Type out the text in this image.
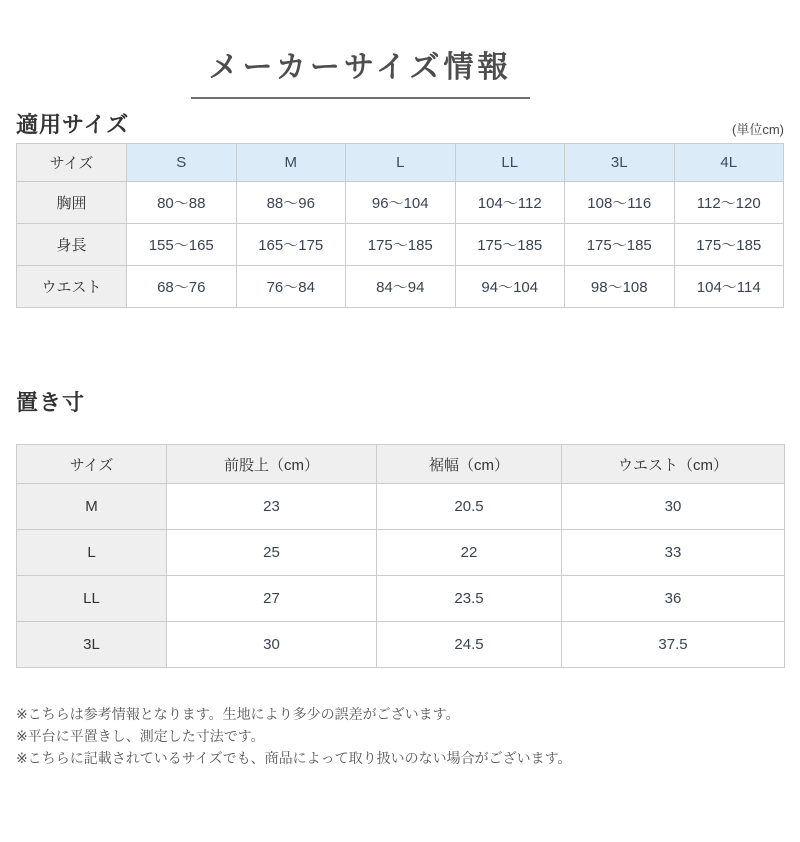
メーカーサイズ情報
適用サイズ	(単位cm)
サイズ	S	M	L	LL	3L	4L
胸囲	80〜88	88〜96	96〜104	104〜112	108〜116	112〜120
身長	155〜165	165〜175	175〜185	175〜185	175〜185	175〜185
ウエスト	68〜76	76〜84	84〜94	94〜104	98〜108	104〜114
置き寸
サイズ	前股上（cm）	裾幅（cm）	ウエスト（cm）
M	23	20.5	30
L	25	22	33
LL	27	23.5	36
3L	30	24.5	37.5

※こちらは参考情報となります。生地により多少の誤差がございます。

※平台に平置きし、測定した寸法です。

※こちらに記載されているサイズでも、商品によって取り扱いのない場合がございます。
